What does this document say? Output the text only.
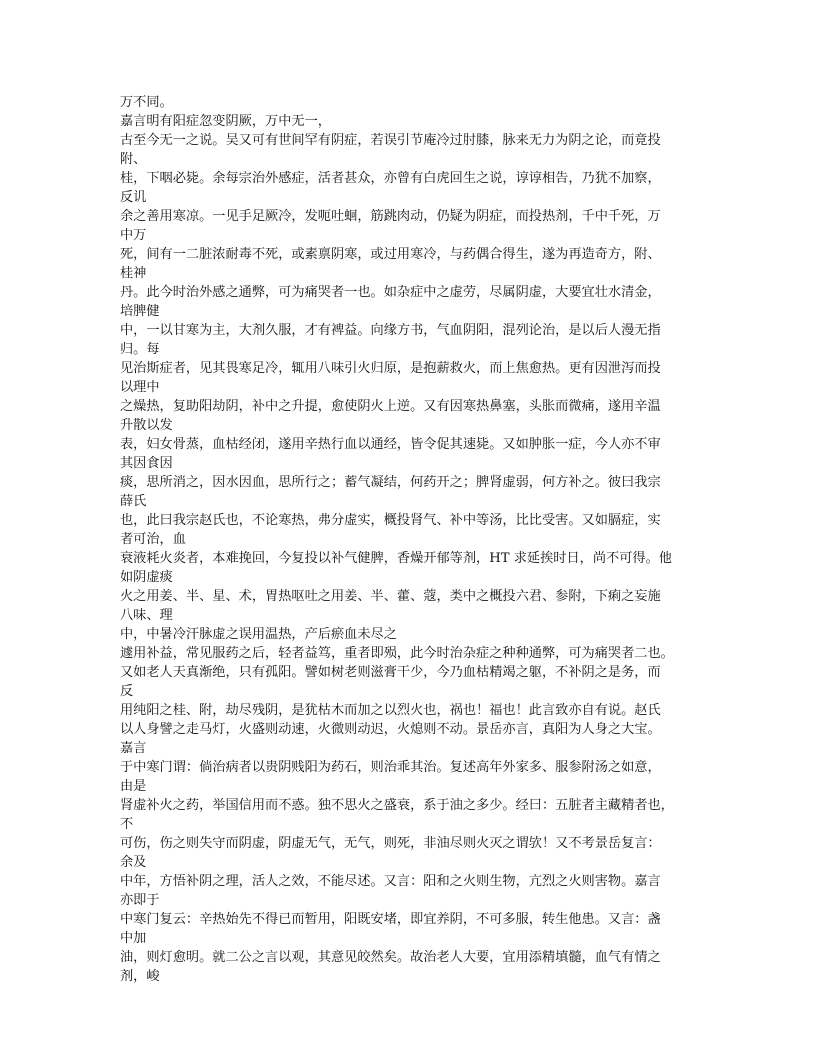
万不同。
嘉言明有阳症忽变阴厥，万中无一，
古至今无一之说。吴又可有世间罕有阴症，若误引节庵冷过肘膝，脉来无力为阴之论，而竟投
附、
桂，下咽必毙。余每宗治外感症，活者甚众，亦曾有白虎回生之说，谆谆相告，乃犹不加察，
反讥
余之善用寒凉。一见手足厥冷，发呃吐蛔，筋跳肉动，仍疑为阴症，而投热剂，千中千死，万
中万
死，间有一二脏浓耐毒不死，或素禀阴寒，或过用寒冷，与药偶合得生，遂为再造奇方，附、
桂神
丹。此今时治外感之通弊，可为痛哭者一也。如杂症中之虚劳，尽属阴虚，大要宜壮水清金，
培脾健
中，一以甘寒为主，大剂久服，才有裨益。向缘方书，气血阴阳，混列论治，是以后人漫无指
归。每
见治斯症者，见其畏寒足冷，辄用八味引火归原，是抱薪救火，而上焦愈热。更有因泄泻而投
以理中
之燥热，复助阳劫阴，补中之升提，愈使阴火上逆。又有因寒热鼻塞，头胀而微痛，遂用辛温
升散以发
表，妇女骨蒸，血枯经闭，遂用辛热行血以通经，皆令促其速毙。又如肿胀一症，今人亦不审
其因食因
痰，思所消之，因水因血，思所行之；蓄气凝结，何药开之；脾肾虚弱，何方补之。彼曰我宗
薛氏
也，此曰我宗赵氏也，不论寒热，弗分虚实，概投肾气、补中等汤，比比受害。又如膈症，实
者可治，血
衰液耗火炎者，本难挽回，今复投以补气健脾，香燥开郁等剂，HT 求延挨时日，尚不可得。他
如阴虚痰
火之用姜、半、星、术，胃热呕吐之用姜、半、藿、蔻，类中之概投六君、参附，下痢之妄施
八味、理
中，中暑冷汗脉虚之误用温热，产后瘀血未尽之
遽用补益，常见服药之后，轻者益笃，重者即殒，此今时治杂症之种种通弊，可为痛哭者二也。
又如老人天真渐绝，只有孤阳。譬如树老则滋膏干少，今乃血枯精竭之躯，不补阴之是务，而
反
用纯阳之桂、附，劫尽残阴，是犹枯木而加之以烈火也，祸也！福也！此言致亦自有说。赵氏
以人身譬之走马灯，火盛则动速，火微则动迟，火熄则不动。景岳亦言，真阳为人身之大宝。
嘉言
于中寒门谓：倘治病者以贵阴贱阳为药石，则治乖其治。复述高年外家多、服参附汤之如意，
由是
肾虚补火之药，举国信用而不惑。独不思火之盛衰，系于油之多少。经曰：五脏者主藏精者也，
不
可伤，伤之则失守而阴虚，阴虚无气，无气，则死，非油尽则火灭之谓欤！又不考景岳复言：
余及
中年，方悟补阴之理，活人之效，不能尽述。又言：阳和之火则生物，亢烈之火则害物。嘉言
亦即于
中寒门复云：辛热始先不得已而暂用，阳既安堵，即宜养阴，不可多服，转生他患。又言：盏
中加
油，则灯愈明。就二公之言以观，其意见皎然矣。故治老人大要，宜用添精填髓，血气有情之
剂，峻
